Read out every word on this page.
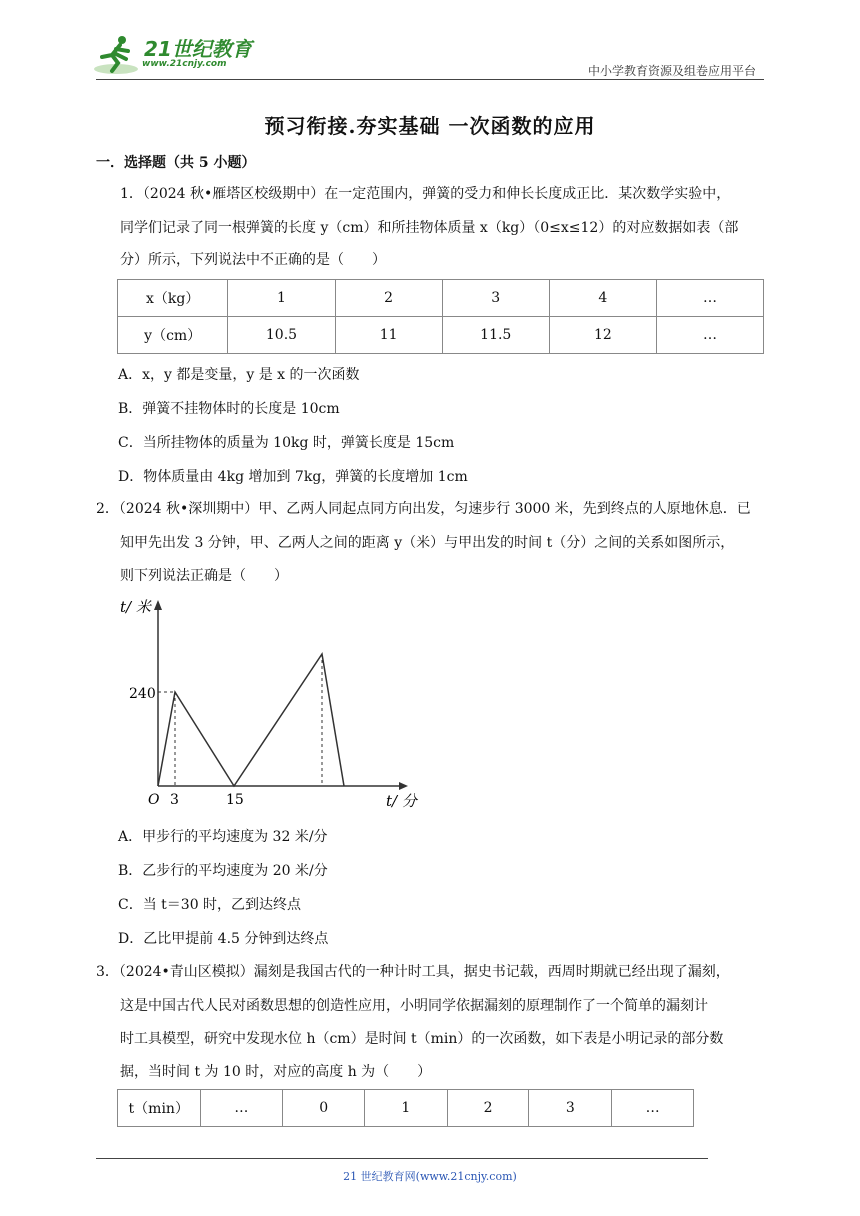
21世纪教育
www.21cnjy.com	中小学教育资源及组卷应用平台
预习衔接.夯实基础 一次函数的应用
一．选择题（共 5 小题）
1．（2024 秋•雁塔区校级期中）在一定范围内，弹簧的受力和伸长长度成正比．某次数学实验中，
同学们记录了同一根弹簧的长度 y（cm）和所挂物体质量 x（kg）（0≤x≤12）的对应数据如表（部
分）所示，下列说法中不正确的是（　　）
x（kg）	1	2	3	4	…
y（cm）	10.5	11	11.5	12	…
A．x，y 都是变量，y 是 x 的一次函数
B．弹簧不挂物体时的长度是 10cm
C．当所挂物体的质量为 10kg 时，弹簧长度是 15cm
D．物体质量由 4kg 增加到 7kg，弹簧的长度增加 1cm
2．（2024 秋•深圳期中）甲、乙两人同起点同方向出发，匀速步行 3000 米，先到终点的人原地休息．已
知甲先出发 3 分钟，甲、乙两人之间的距离 y（米）与甲出发的时间 t（分）之间的关系如图所示，
则下列说法正确是（　　）
t/ 米
t/ 分
240
O 3	15
A．甲步行的平均速度为 32 米/分
B．乙步行的平均速度为 20 米/分
C．当 t＝30 时，乙到达终点
D．乙比甲提前 4.5 分钟到达终点
3．（2024•青山区模拟）漏刻是我国古代的一种计时工具，据史书记载，西周时期就已经出现了漏刻，
这是中国古代人民对函数思想的创造性应用，小明同学依据漏刻的原理制作了一个简单的漏刻计
时工具模型，研究中发现水位 h（cm）是时间 t（min）的一次函数，如下表是小明记录的部分数
据，当时间 t 为 10 时，对应的高度 h 为（　　）
t（min）	…	0	1	2	3	…
21 世纪教育网(www.21cnjy.com)
